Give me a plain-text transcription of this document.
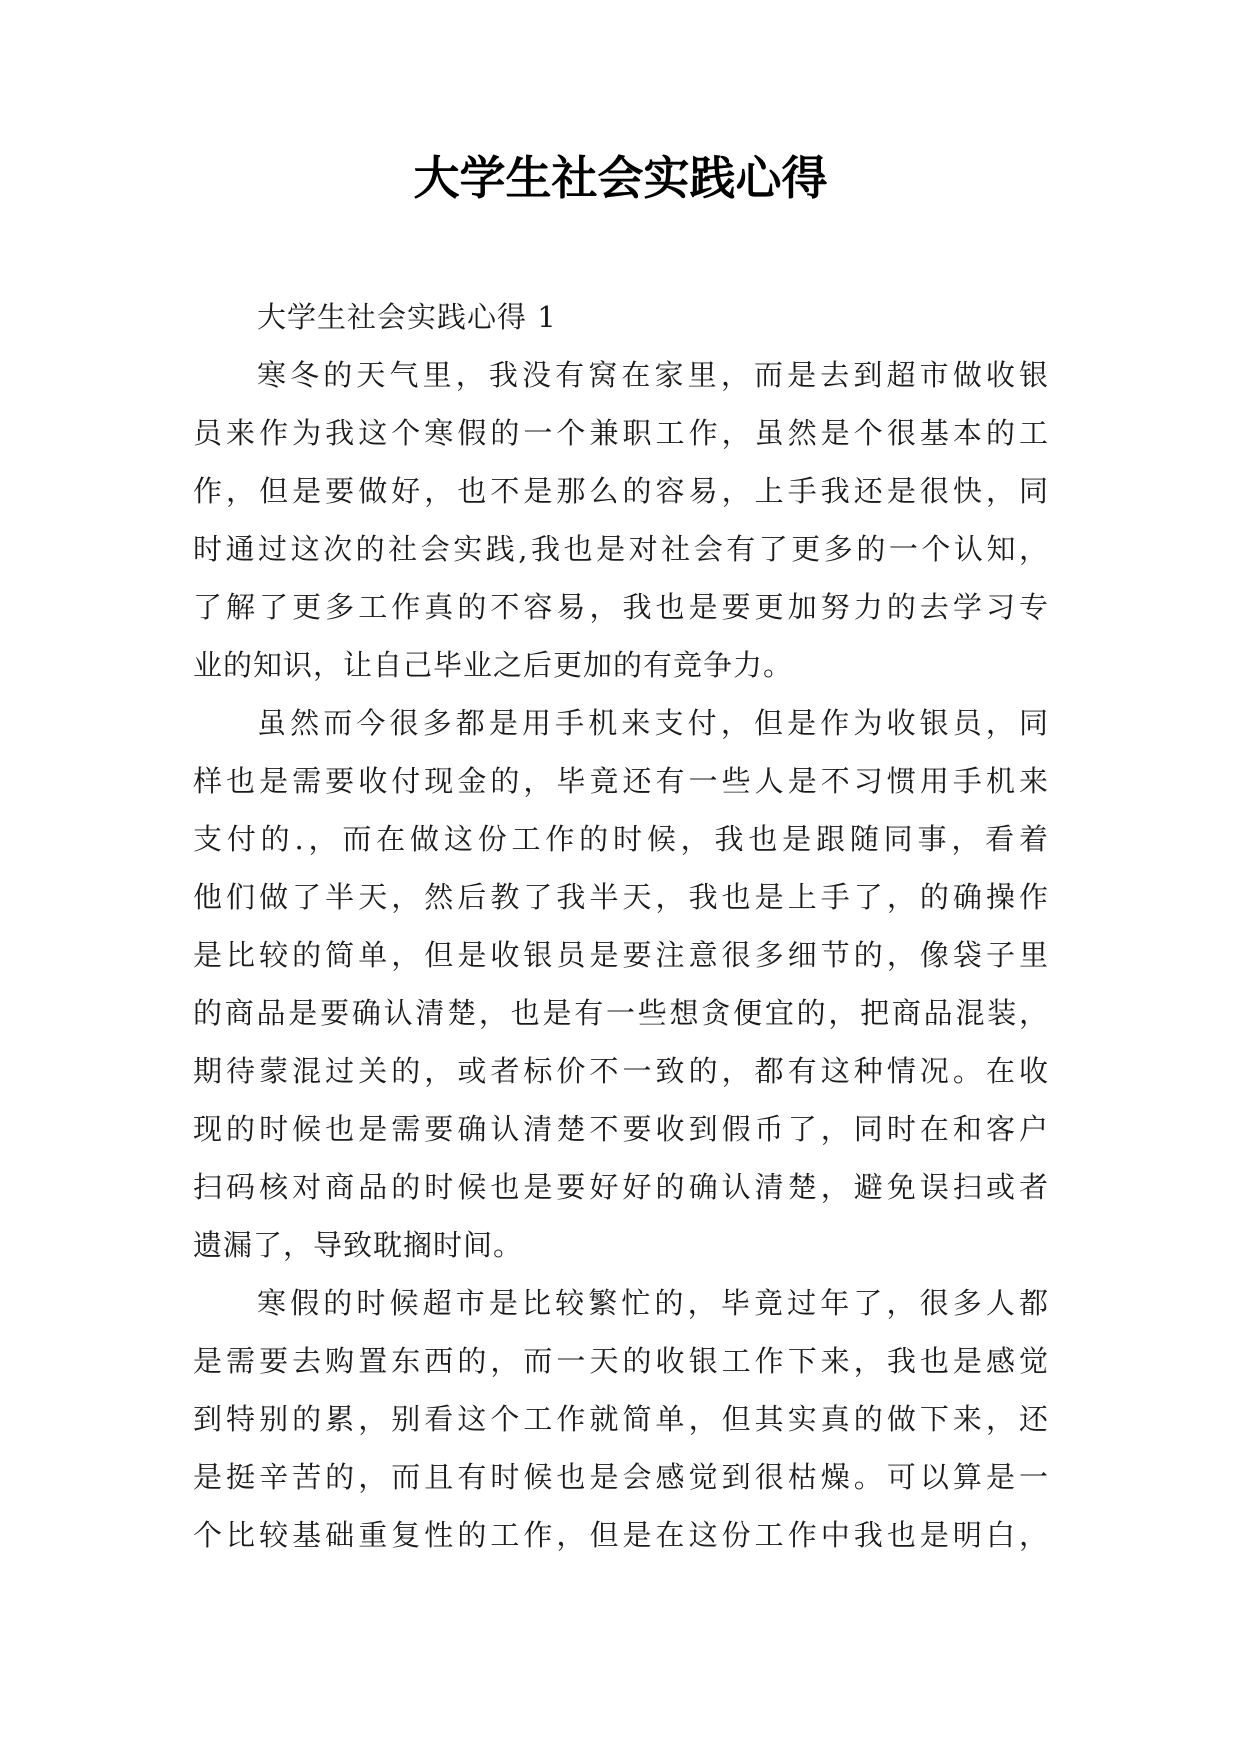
大学生社会实践心得
大学生社会实践心得 1
寒冬的天气里，我没有窝在家里，而是去到超市做收银
员来作为我这个寒假的一个兼职工作，虽然是个很基本的工
作，但是要做好，也不是那么的容易，上手我还是很快，同
时通过这次的社会实践,我也是对社会有了更多的一个认知，
了解了更多工作真的不容易，我也是要更加努力的去学习专
业的知识，让自己毕业之后更加的有竞争力。
虽然而今很多都是用手机来支付，但是作为收银员，同
样也是需要收付现金的，毕竟还有一些人是不习惯用手机来
支付的.，而在做这份工作的时候，我也是跟随同事，看着
他们做了半天，然后教了我半天，我也是上手了，的确操作
是比较的简单，但是收银员是要注意很多细节的，像袋子里
的商品是要确认清楚，也是有一些想贪便宜的，把商品混装，
期待蒙混过关的，或者标价不一致的，都有这种情况。在收
现的时候也是需要确认清楚不要收到假币了，同时在和客户
扫码核对商品的时候也是要好好的确认清楚，避免误扫或者
遗漏了，导致耽搁时间。
寒假的时候超市是比较繁忙的，毕竟过年了，很多人都
是需要去购置东西的，而一天的收银工作下来，我也是感觉
到特别的累，别看这个工作就简单，但其实真的做下来，还
是挺辛苦的，而且有时候也是会感觉到很枯燥。可以算是一
个比较基础重复性的工作，但是在这份工作中我也是明白，
